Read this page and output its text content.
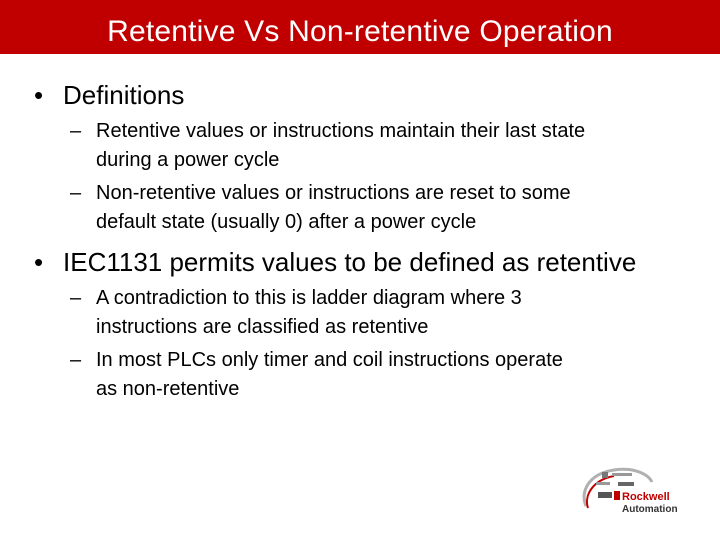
Retentive Vs Non-retentive Operation
• Definitions
– Retentive values or instructions maintain their last state
during a power cycle
– Non-retentive values or instructions are reset to some
default state (usually 0) after a power cycle
• IEC1131 permits values to be defined as retentive
– A contradiction to this is ladder diagram where 3
instructions are classified as retentive
– In most PLCs only timer and coil instructions operate
as non-retentive
Rockwell
Automation
